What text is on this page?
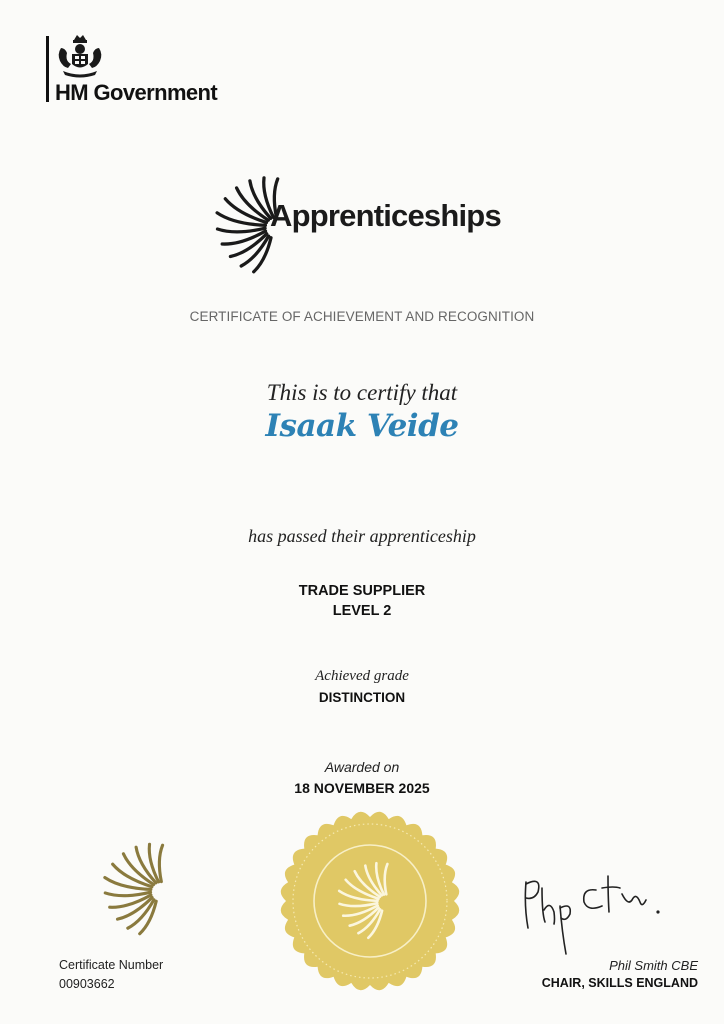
HM Government
Apprenticeships
CERTIFICATE OF ACHIEVEMENT AND RECOGNITION
This is to certify that
Isaak Veide
has passed their apprenticeship
TRADE SUPPLIER
LEVEL 2
Achieved grade
DISTINCTION
Awarded on
18 NOVEMBER 2025
Certificate Number
00903662
Phil Smith CBE
CHAIR, SKILLS ENGLAND
